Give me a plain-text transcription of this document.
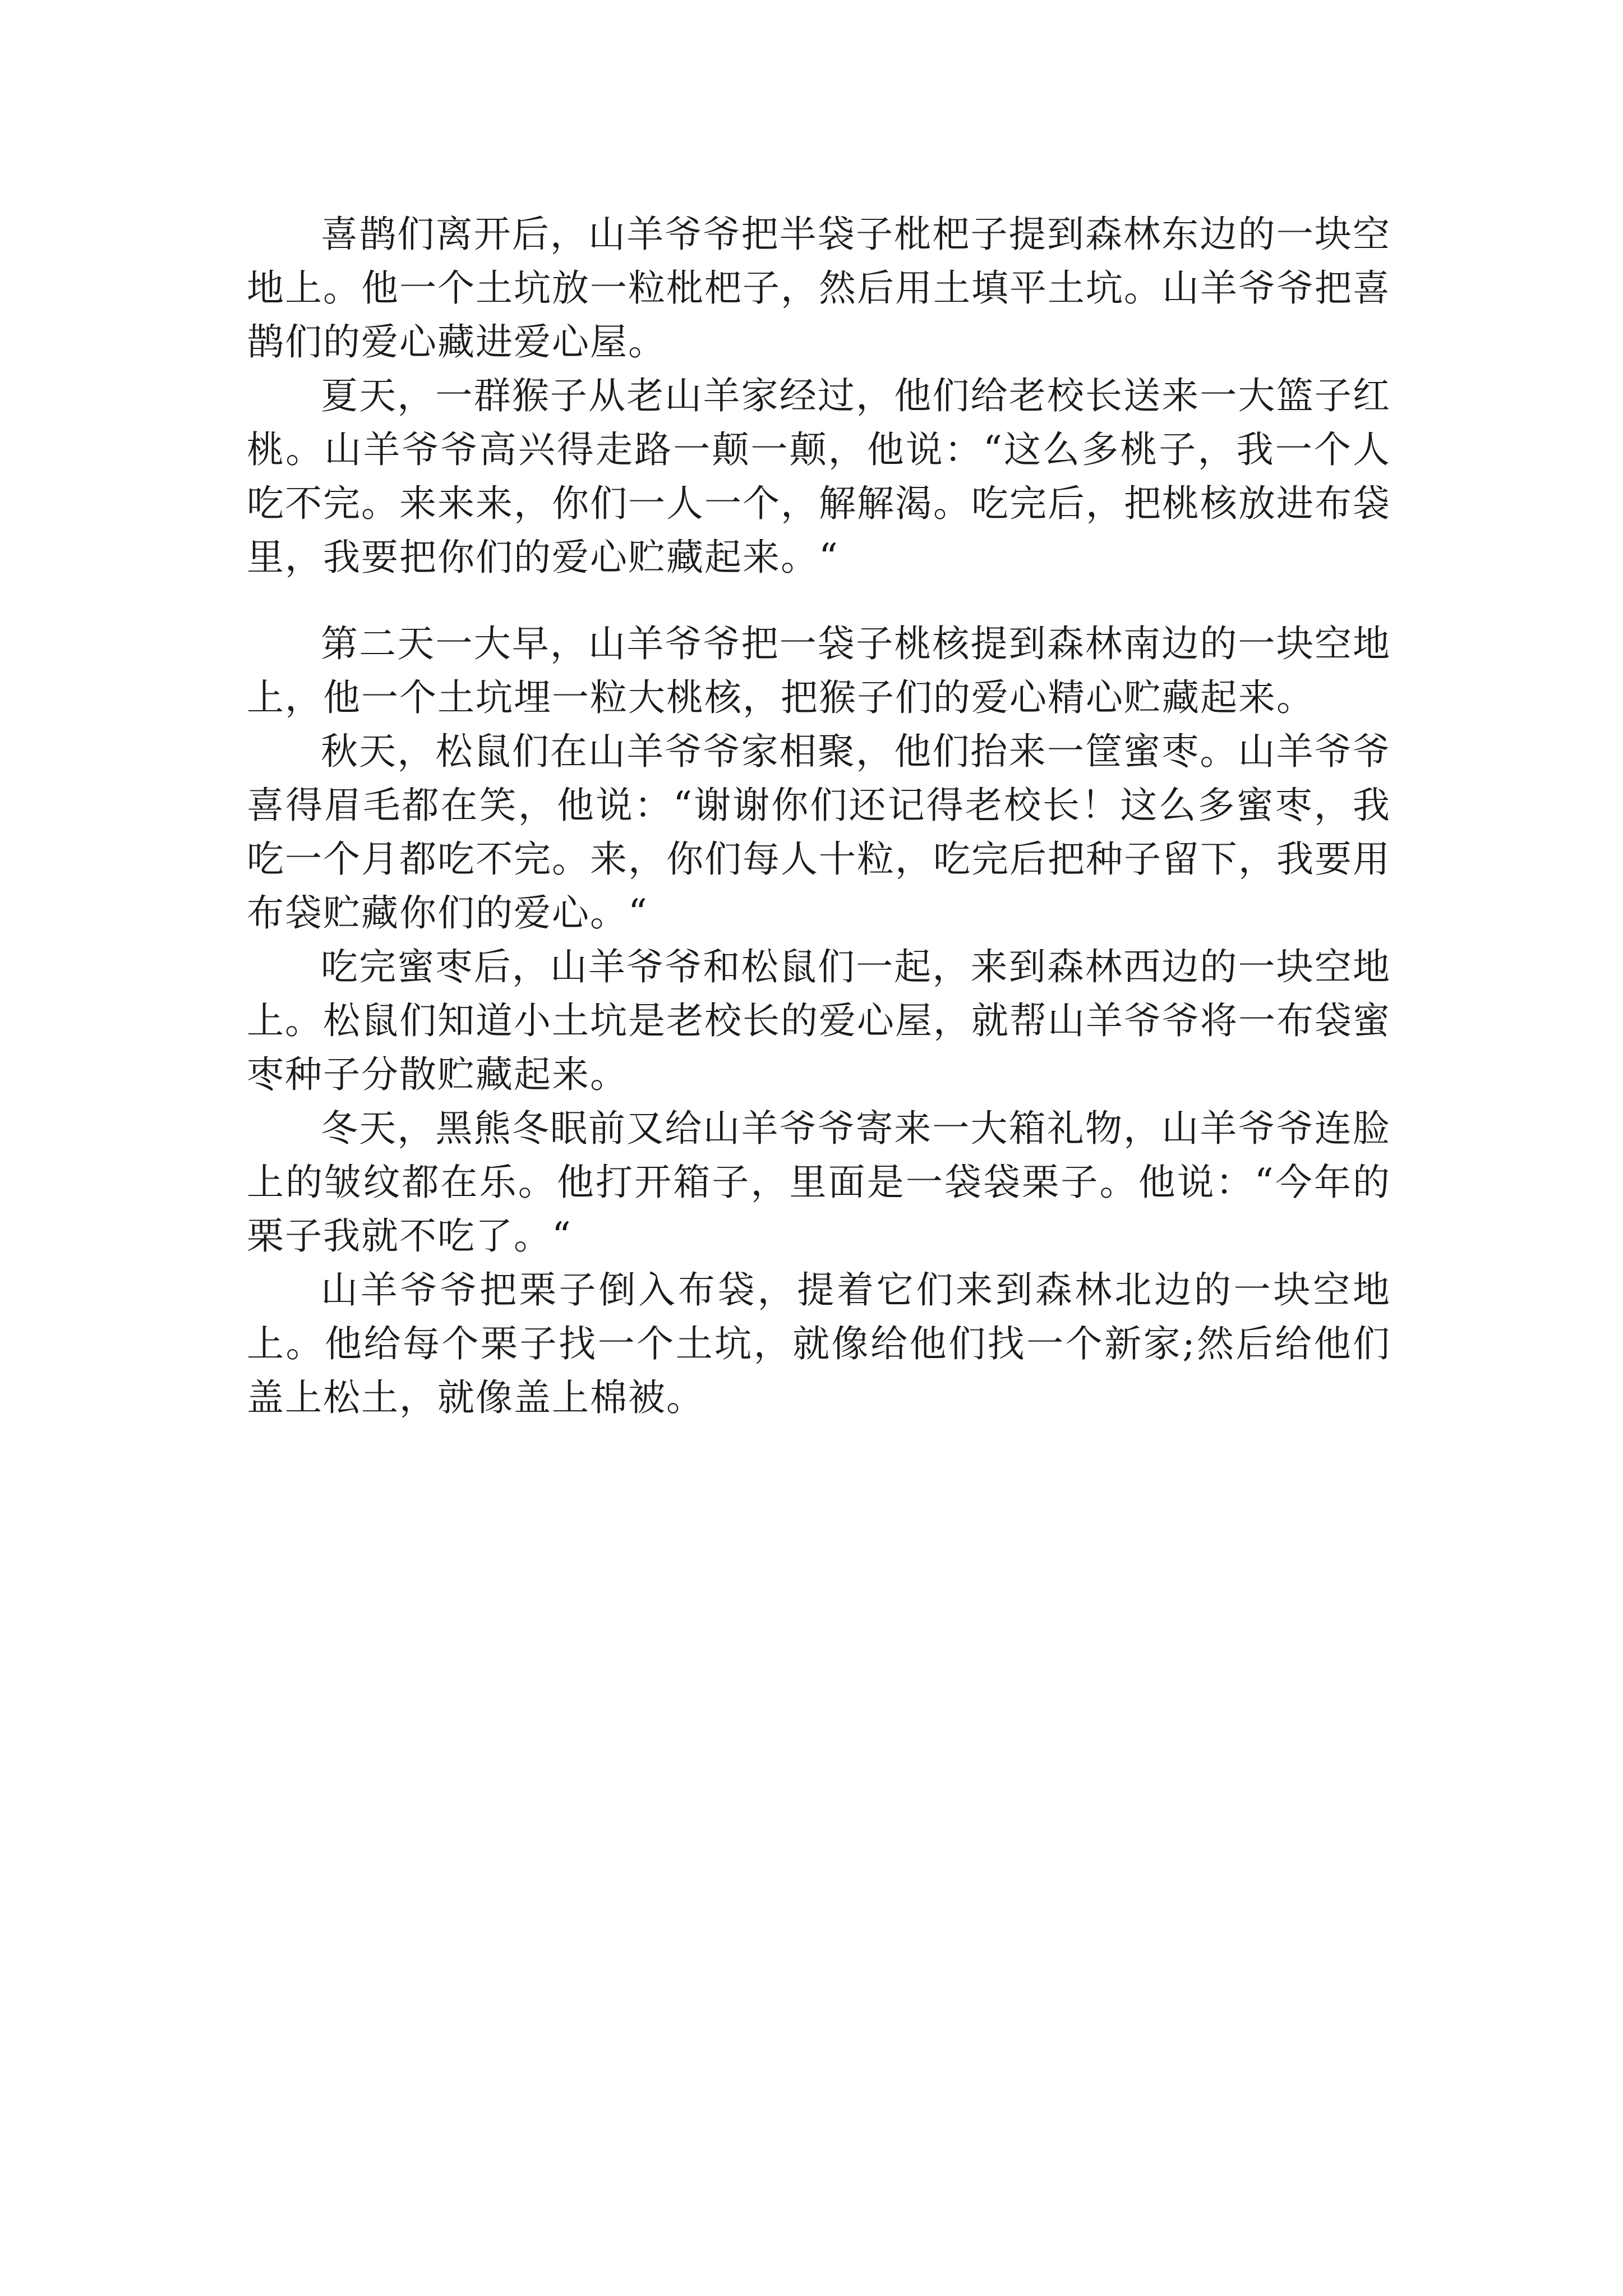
喜鹊们离开后，山羊爷爷把半袋子枇杷子提到森林东边的一块空地上。他一个土坑放一粒枇杷子，然后用土填平土坑。山羊爷爷把喜鹊们的爱心藏进爱心屋。

夏天，一群猴子从老山羊家经过，他们给老校长送来一大篮子红桃。山羊爷爷高兴得走路一颠一颠，他说：“这么多桃子，我一个人吃不完。来来来，你们一人一个，解解渴。吃完后，把桃核放进布袋里，我要把你们的爱心贮藏起来。“

第二天一大早，山羊爷爷把一袋子桃核提到森林南边的一块空地上，他一个土坑埋一粒大桃核，把猴子们的爱心精心贮藏起来。

秋天，松鼠们在山羊爷爷家相聚，他们抬来一筐蜜枣。山羊爷爷喜得眉毛都在笑，他说：“谢谢你们还记得老校长！这么多蜜枣，我吃一个月都吃不完。来，你们每人十粒，吃完后把种子留下，我要用布袋贮藏你们的爱心。“

吃完蜜枣后，山羊爷爷和松鼠们一起，来到森林西边的一块空地上。松鼠们知道小土坑是老校长的爱心屋，就帮山羊爷爷将一布袋蜜枣种子分散贮藏起来。

冬天，黑熊冬眠前又给山羊爷爷寄来一大箱礼物，山羊爷爷连脸上的皱纹都在乐。他打开箱子，里面是一袋袋栗子。他说：“今年的栗子我就不吃了。“

山羊爷爷把栗子倒入布袋，提着它们来到森林北边的一块空地上。他给每个栗子找一个土坑，就像给他们找一个新家;然后给他们盖上松土，就像盖上棉被。
